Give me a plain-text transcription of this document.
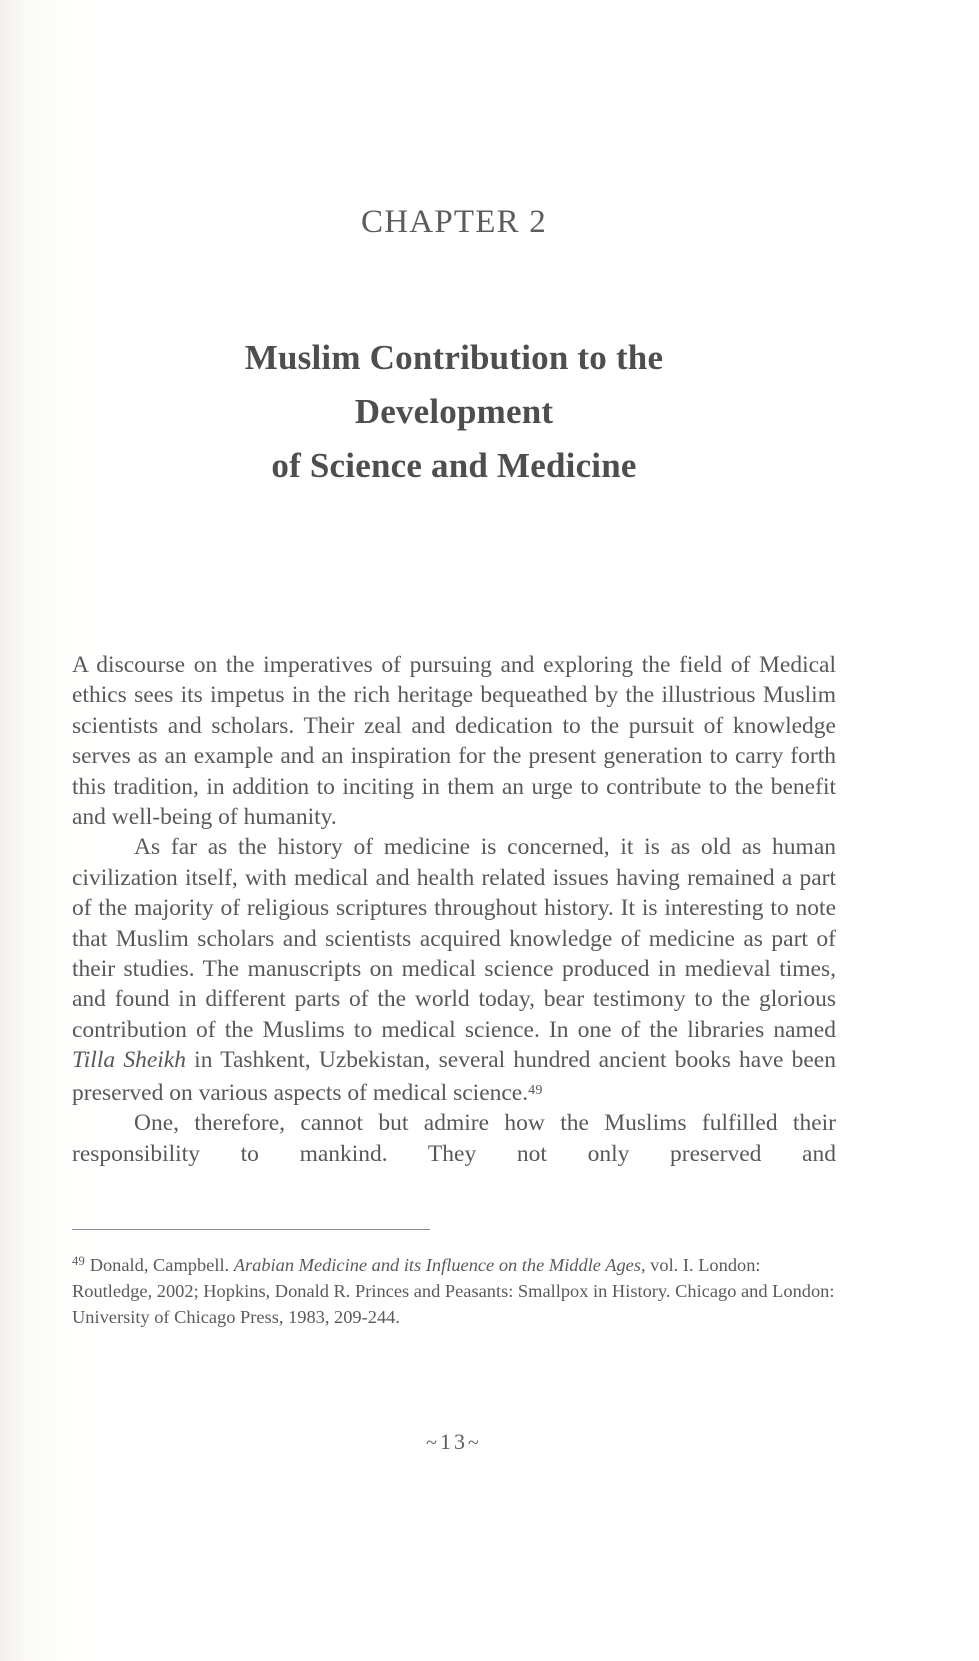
CHAPTER 2
Muslim Contribution to the
Development
of Science and Medicine

A discourse on the imperatives of pursuing and exploring the field of Medical ethics sees its impetus in the rich heritage bequeathed by the illustrious Muslim scientists and scholars. Their zeal and dedication to the pursuit of knowledge serves as an example and an inspiration for the present generation to carry forth this tradition, in addition to inciting in them an urge to contribute to the benefit and well-being of humanity.

As far as the history of medicine is concerned, it is as old as human civilization itself, with medical and health related issues having remained a part of the majority of religious scriptures throughout history. It is interesting to note that Muslim scholars and scientists acquired knowledge of medicine as part of their studies. The manuscripts on medical science produced in medieval times, and found in different parts of the world today, bear testimony to the glorious contribution of the Muslims to medical science. In one of the libraries named Tilla Sheikh in Tashkent, Uzbekistan, several hundred ancient books have been preserved on various aspects of medical science.$^{49}$

One, therefore, cannot but admire how the Muslims fulfilled their responsibility to mankind. They not only preserved and

$^{49}$ Donald, Campbell. Arabian Medicine and its Influence on the Middle Ages, vol. I. London: Routledge, 2002; Hopkins, Donald R. Princes and Peasants: Smallpox in History. Chicago and London: University of Chicago Press, 1983, 209-244.

~13~
